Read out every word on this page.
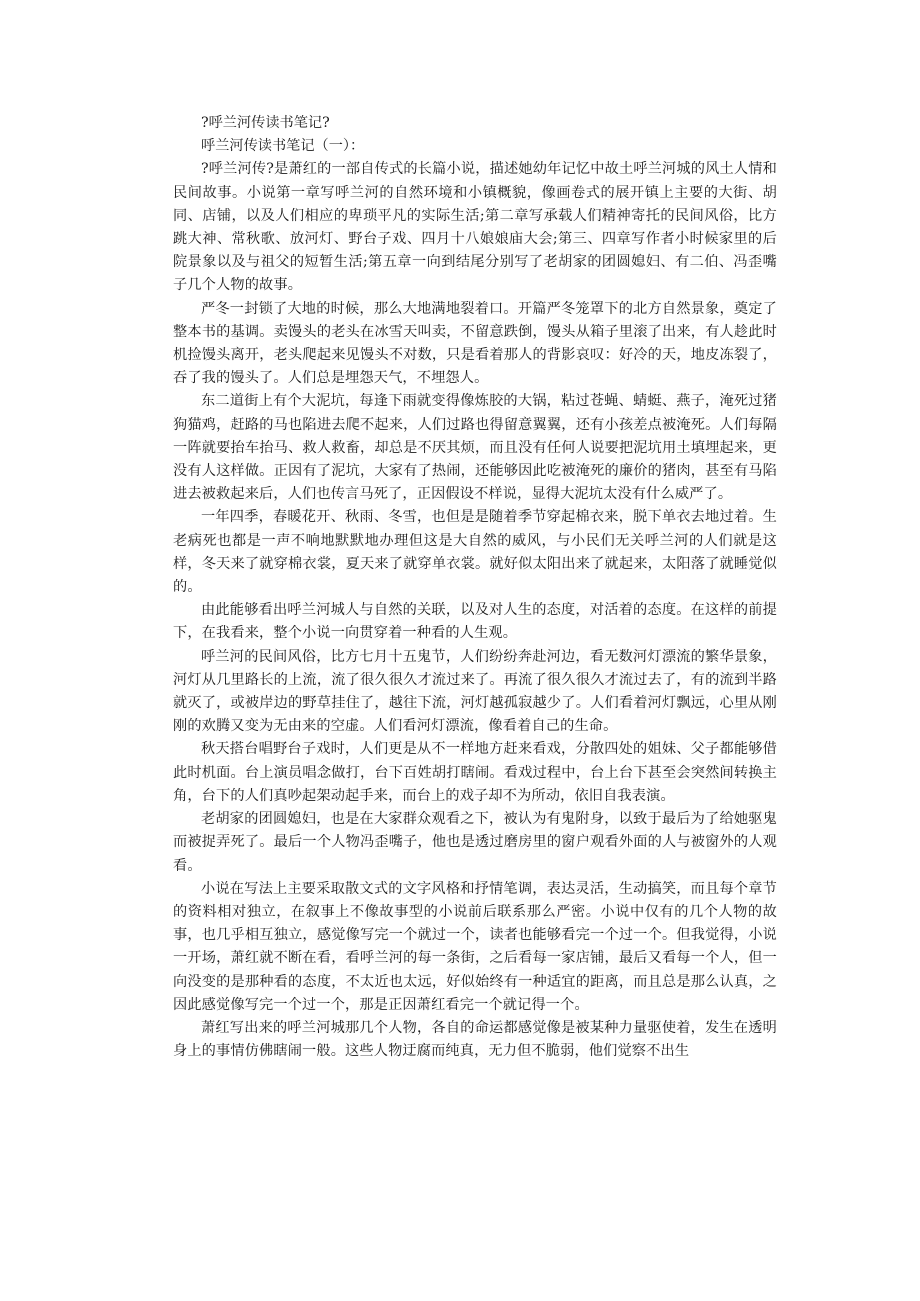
?呼兰河传读书笔记?

呼兰河传读书笔记（一）：

?呼兰河传?是萧红的一部自传式的长篇小说，描述她幼年记忆中故土呼兰河城的风土人情和民间故事。小说第一章写呼兰河的自然环境和小镇概貌，像画卷式的展开镇上主要的大街、胡同、店铺，以及人们相应的卑琐平凡的实际生活;第二章写承载人们精神寄托的民间风俗，比方跳大神、常秋歌、放河灯、野台子戏、四月十八娘娘庙大会;第三、四章写作者小时候家里的后院景象以及与祖父的短暂生活;第五章一向到结尾分别写了老胡家的团圆媳妇、有二伯、冯歪嘴子几个人物的故事。

严冬一封锁了大地的时候，那么大地满地裂着口。开篇严冬笼罩下的北方自然景象，奠定了整本书的基调。卖馒头的老头在冰雪天叫卖，不留意跌倒，馒头从箱子里滚了出来，有人趁此时机捡馒头离开，老头爬起来见馒头不对数，只是看着那人的背影哀叹：好冷的天，地皮冻裂了，吞了我的馒头了。人们总是埋怨天气，不埋怨人。

东二道街上有个大泥坑，每逢下雨就变得像炼胶的大锅，粘过苍蝇、蜻蜓、燕子，淹死过猪狗猫鸡，赶路的马也陷进去爬不起来，人们过路也得留意翼翼，还有小孩差点被淹死。人们每隔一阵就要抬车抬马、救人救畜，却总是不厌其烦，而且没有任何人说要把泥坑用土填埋起来，更没有人这样做。正因有了泥坑，大家有了热闹，还能够因此吃被淹死的廉价的猪肉，甚至有马陷进去被救起来后，人们也传言马死了，正因假设不样说，显得大泥坑太没有什么威严了。

一年四季，春暖花开、秋雨、冬雪，也但是是随着季节穿起棉衣来，脱下单衣去地过着。生老病死也都是一声不响地默默地办理但这是大自然的威风，与小民们无关呼兰河的人们就是这样，冬天来了就穿棉衣裳，夏天来了就穿单衣裳。就好似太阳出来了就起来，太阳落了就睡觉似的。

由此能够看出呼兰河城人与自然的关联，以及对人生的态度，对活着的态度。在这样的前提下，在我看来，整个小说一向贯穿着一种看的人生观。

呼兰河的民间风俗，比方七月十五鬼节，人们纷纷奔赴河边，看无数河灯漂流的繁华景象，河灯从几里路长的上流，流了很久很久才流过来了。再流了很久很久才流过去了，有的流到半路就灭了，或被岸边的野草挂住了，越往下流，河灯越孤寂越少了。人们看着河灯飘远，心里从刚刚的欢腾又变为无由来的空虚。人们看河灯漂流，像看着自己的生命。

秋天搭台唱野台子戏时，人们更是从不一样地方赶来看戏，分散四处的姐妹、父子都能够借此时机面。台上演员唱念做打，台下百姓胡打瞎闹。看戏过程中，台上台下甚至会突然间转换主角，台下的人们真吵起架动起手来，而台上的戏子却不为所动，依旧自我表演。

老胡家的团圆媳妇，也是在大家群众观看之下，被认为有鬼附身，以致于最后为了给她驱鬼而被捉弄死了。最后一个人物冯歪嘴子，他也是透过磨房里的窗户观看外面的人与被窗外的人观看。

小说在写法上主要采取散文式的文字风格和抒情笔调，表达灵活，生动搞笑，而且每个章节的资料相对独立，在叙事上不像故事型的小说前后联系那么严密。小说中仅有的几个人物的故事，也几乎相互独立，感觉像写完一个就过一个，读者也能够看完一个过一个。但我觉得，小说一开场，萧红就不断在看，看呼兰河的每一条街，之后看每一家店铺，最后又看每一个人，但一向没变的是那种看的态度，不太近也太远，好似始终有一种适宜的距离，而且总是那么认真，之因此感觉像写完一个过一个，那是正因萧红看完一个就记得一个。

萧红写出来的呼兰河城那几个人物，各自的命运都感觉像是被某种力量驱使着，发生在透明身上的事情仿佛瞎闹一般。这些人物迂腐而纯真，无力但不脆弱，他们觉察不出生
